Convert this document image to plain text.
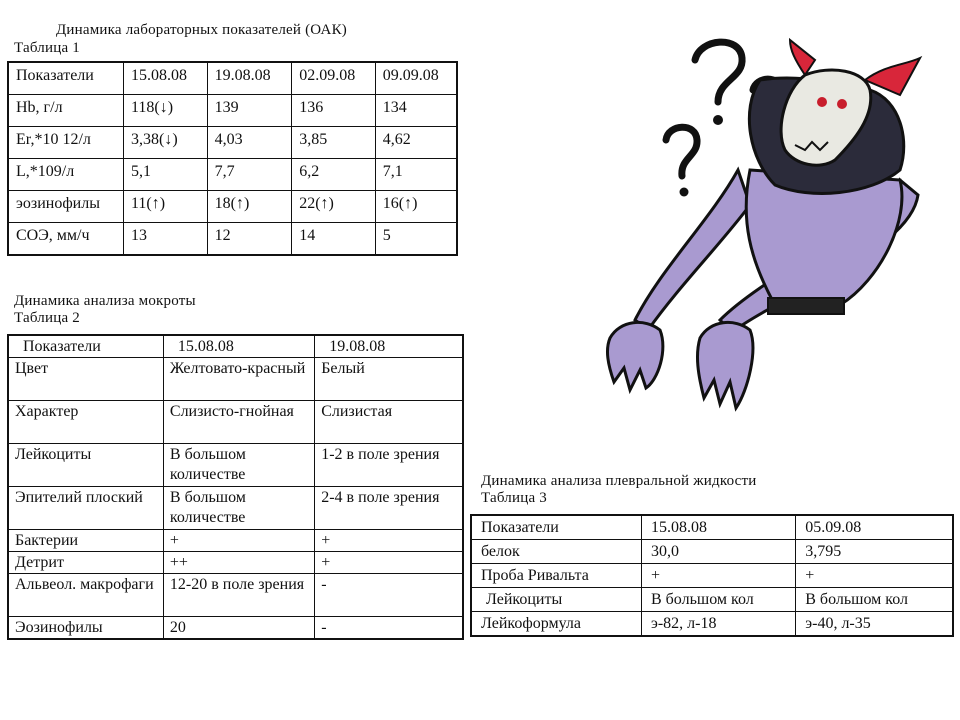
Динамика лабораторных показателей (ОАК)
Таблица 1
Показатели	15.08.08	19.08.08	02.09.08	09.09.08
Hb, г/л	118(↓)	139	136	134
Er,*10 12/л	3,38(↓)	4,03	3,85	4,62
L,*109/л	5,1	7,7	6,2	7,1
эозинофилы	11(↑)	18(↑)	22(↑)	16(↑)
СОЭ, мм/ч	13	12	14	5
Динамика анализа мокроты
Таблица 2
Показатели	15.08.08	19.08.08
Цвет	Желтовато-красный	Белый
Характер	Слизисто-гнойная	Слизистая
Лейкоциты	В большом количестве	1-2 в поле зрения
Эпителий плоский	В большом количестве	2-4 в поле зрения
Бактерии	+	+
Детрит	++	+
Альвеол. макрофаги	12-20 в поле зрения	-
Эозинофилы	20	-
Динамика анализа плевральной жидкости
Таблица 3
Показатели	15.08.08	05.09.08
белок	30,0	3,795
Проба Ривальта	+	+
Лейкоциты	В большом кол	В большом кол
Лейкоформула	э-82, л-18	э-40, л-35
